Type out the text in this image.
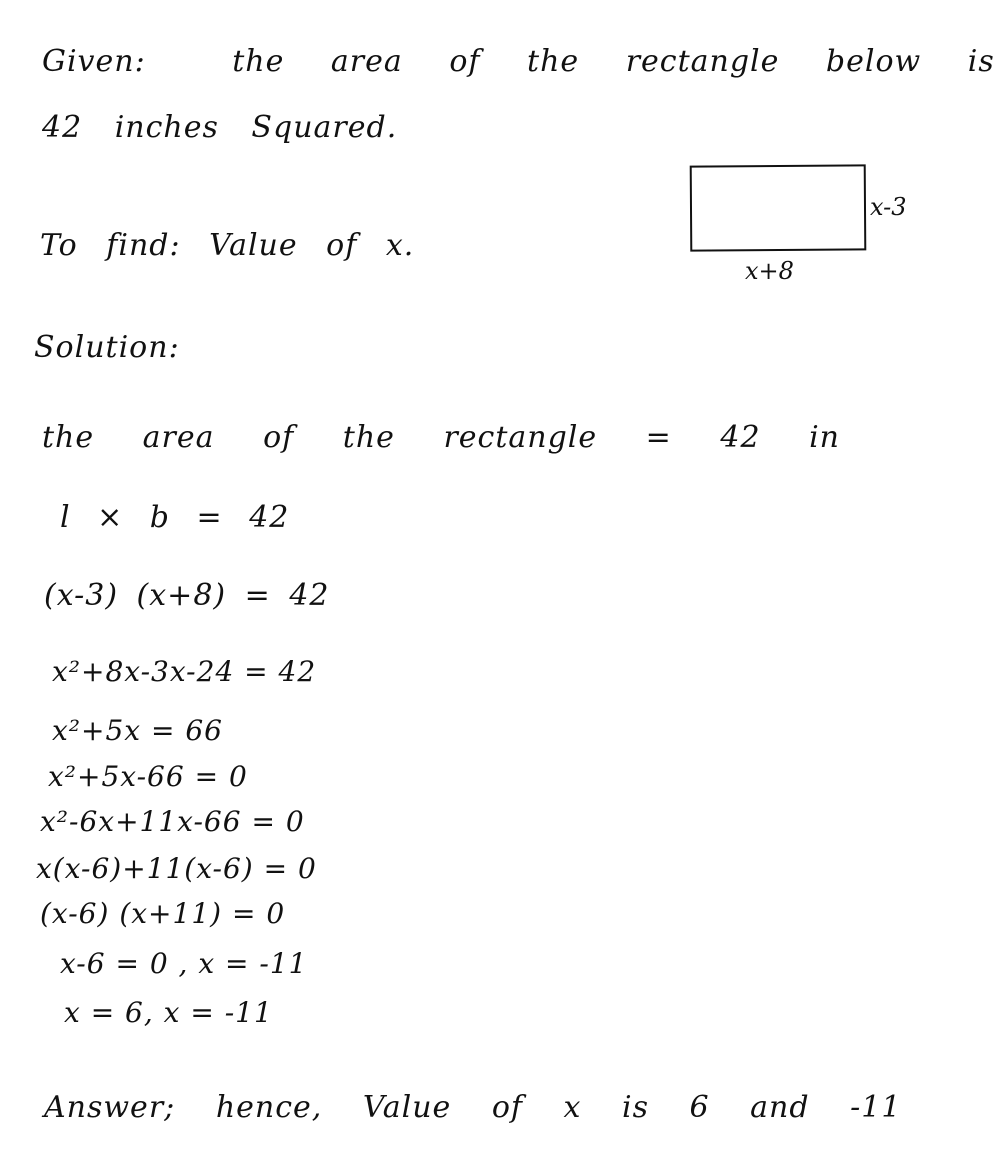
Given:	the area of the rectangle below is
42 inches Squared.
To find: Value of x.
x-3
x+8
Solution:
the area of the rectangle = 42 in
l × b = 42
(x-3) (x+8) = 42
x²+8x-3x-24 = 42
x²+5x = 66
x²+5x-66 = 0
x²-6x+11x-66 = 0
x(x-6)+11(x-6) = 0
(x-6) (x+11) = 0
x-6 = 0 , x = -11
x = 6, x = -11
Answer; hence, Value of x is 6 and -11
